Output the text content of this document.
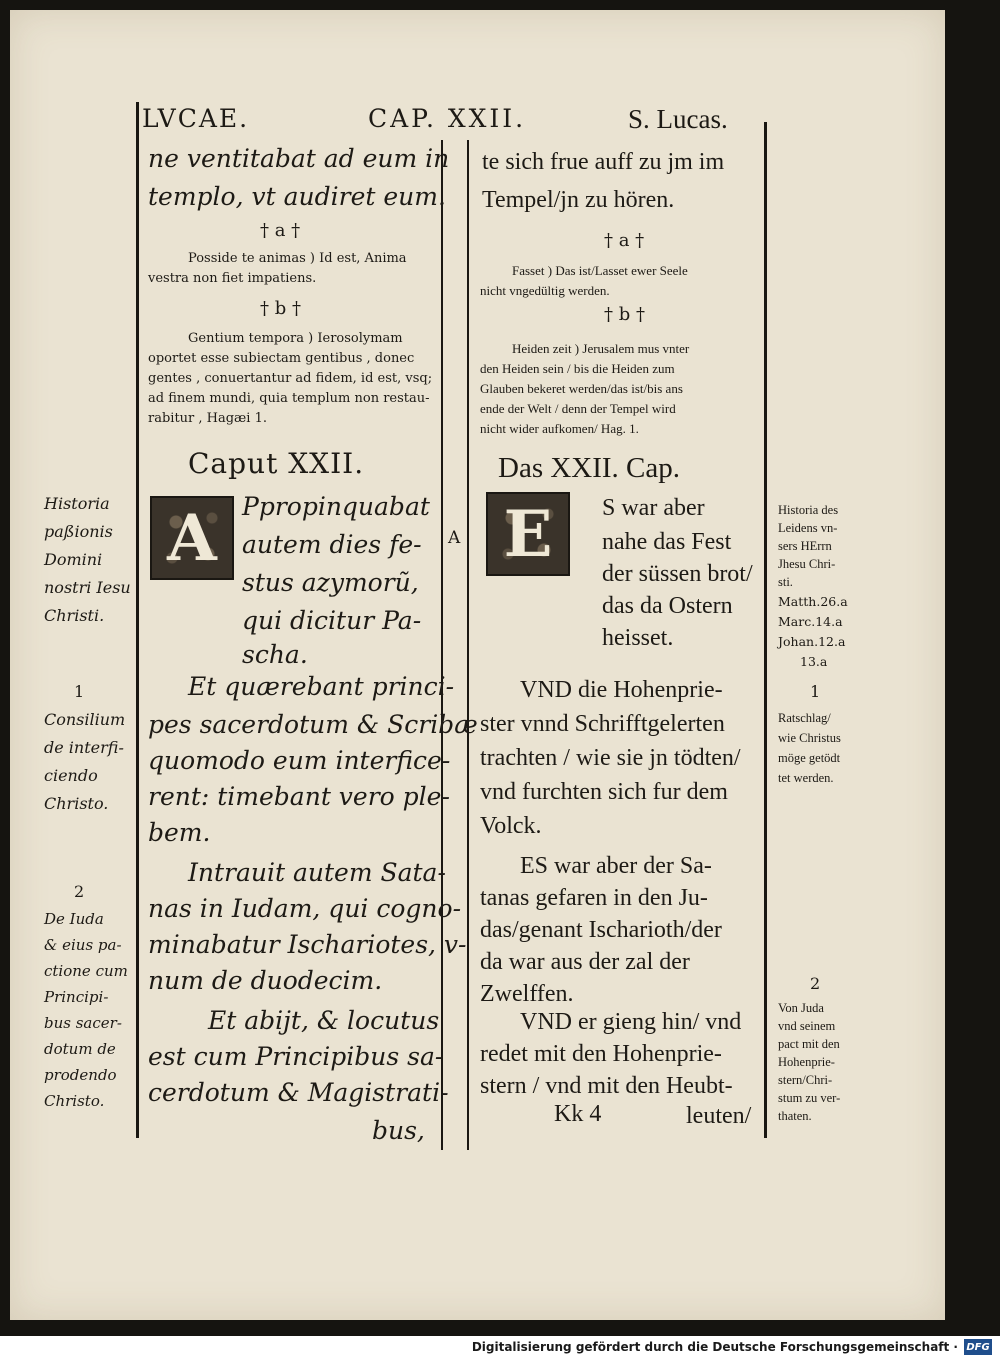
LVCAE.	CAP. XXII.	S. Lucas.
ne ventitabat ad eum in
templo, vt audiret eum.
† a †
Posside te animas ) Id est, Anima
vestra non fiet impatiens.
† b †
Gentium tempora ) Ierosolymam
oportet esse subiectam gentibus , donec
gentes , conuertantur ad fidem, id est, vsq;
ad finem mundi, quia templum non restau-
rabitur , Hagæi 1.
Caput XXII.
A	Ppropinquabat
autem dies fe-
stus azymorũ,
qui dicitur Pa-
scha.
Et quærebant princi-
pes sacerdotum & Scribæ
quomodo eum interfice-
rent: timebant vero ple-
bem.
Intrauit autem Sata-
nas in Iudam, qui cogno-
minabatur Ischariotes, v-
num de duodecim.
Et abijt, & locutus
est cum Principibus sa-
cerdotum & Magistrati-
bus,
A
te sich frue auff zu jm im
Tempel/jn zu hören.
† a †
Fasset ) Das ist/Lasset ewer Seele
nicht vngedültig werden.
† b †
Heiden zeit ) Jerusalem mus vnter
den Heiden sein / bis die Heiden zum
Glauben bekeret werden/das ist/bis ans
ende der Welt / denn der Tempel wird
nicht wider aufkomen/ Hag. 1.
Das XXII. Cap.
E	S war aber
nahe das Fest
der süssen brot/
das da Ostern
heisset.
VND die Hohenprie-
ster vnnd Schrifftgelerten
trachten / wie sie jn tödten/
vnd furchten sich fur dem
Volck.
ES war aber der Sa-
tanas gefaren in den Ju-
das/genant Ischarioth/der
da war aus der zal der
Zwelffen.
VND er gieng hin/ vnd
redet mit den Hohenprie-
stern / vnd mit den Heubt-
Kk 4	leuten/
Historia
paßionis
Domini
nostri Iesu
Christi.
1
Consilium
de interfi-
ciendo
Christo.
2
De Iuda
& eius pa-
ctione cum
Principi-
bus sacer-
dotum de
prodendo
Christo.
Historia des
Leidens vn-
sers HErrn
Jhesu Chri-
sti.
Matth.26.a
Marc.14.a
Johan.12.a
13.a
1
Ratschlag/
wie Christus
möge getödt
tet werden.
2
Von Juda
vnd seinem
pact mit den
Hohenprie-
stern/Chri-
stum zu ver-
thaten.
Digitalisierung gefördert durch die Deutsche Forschungsgemeinschaft · DFG
